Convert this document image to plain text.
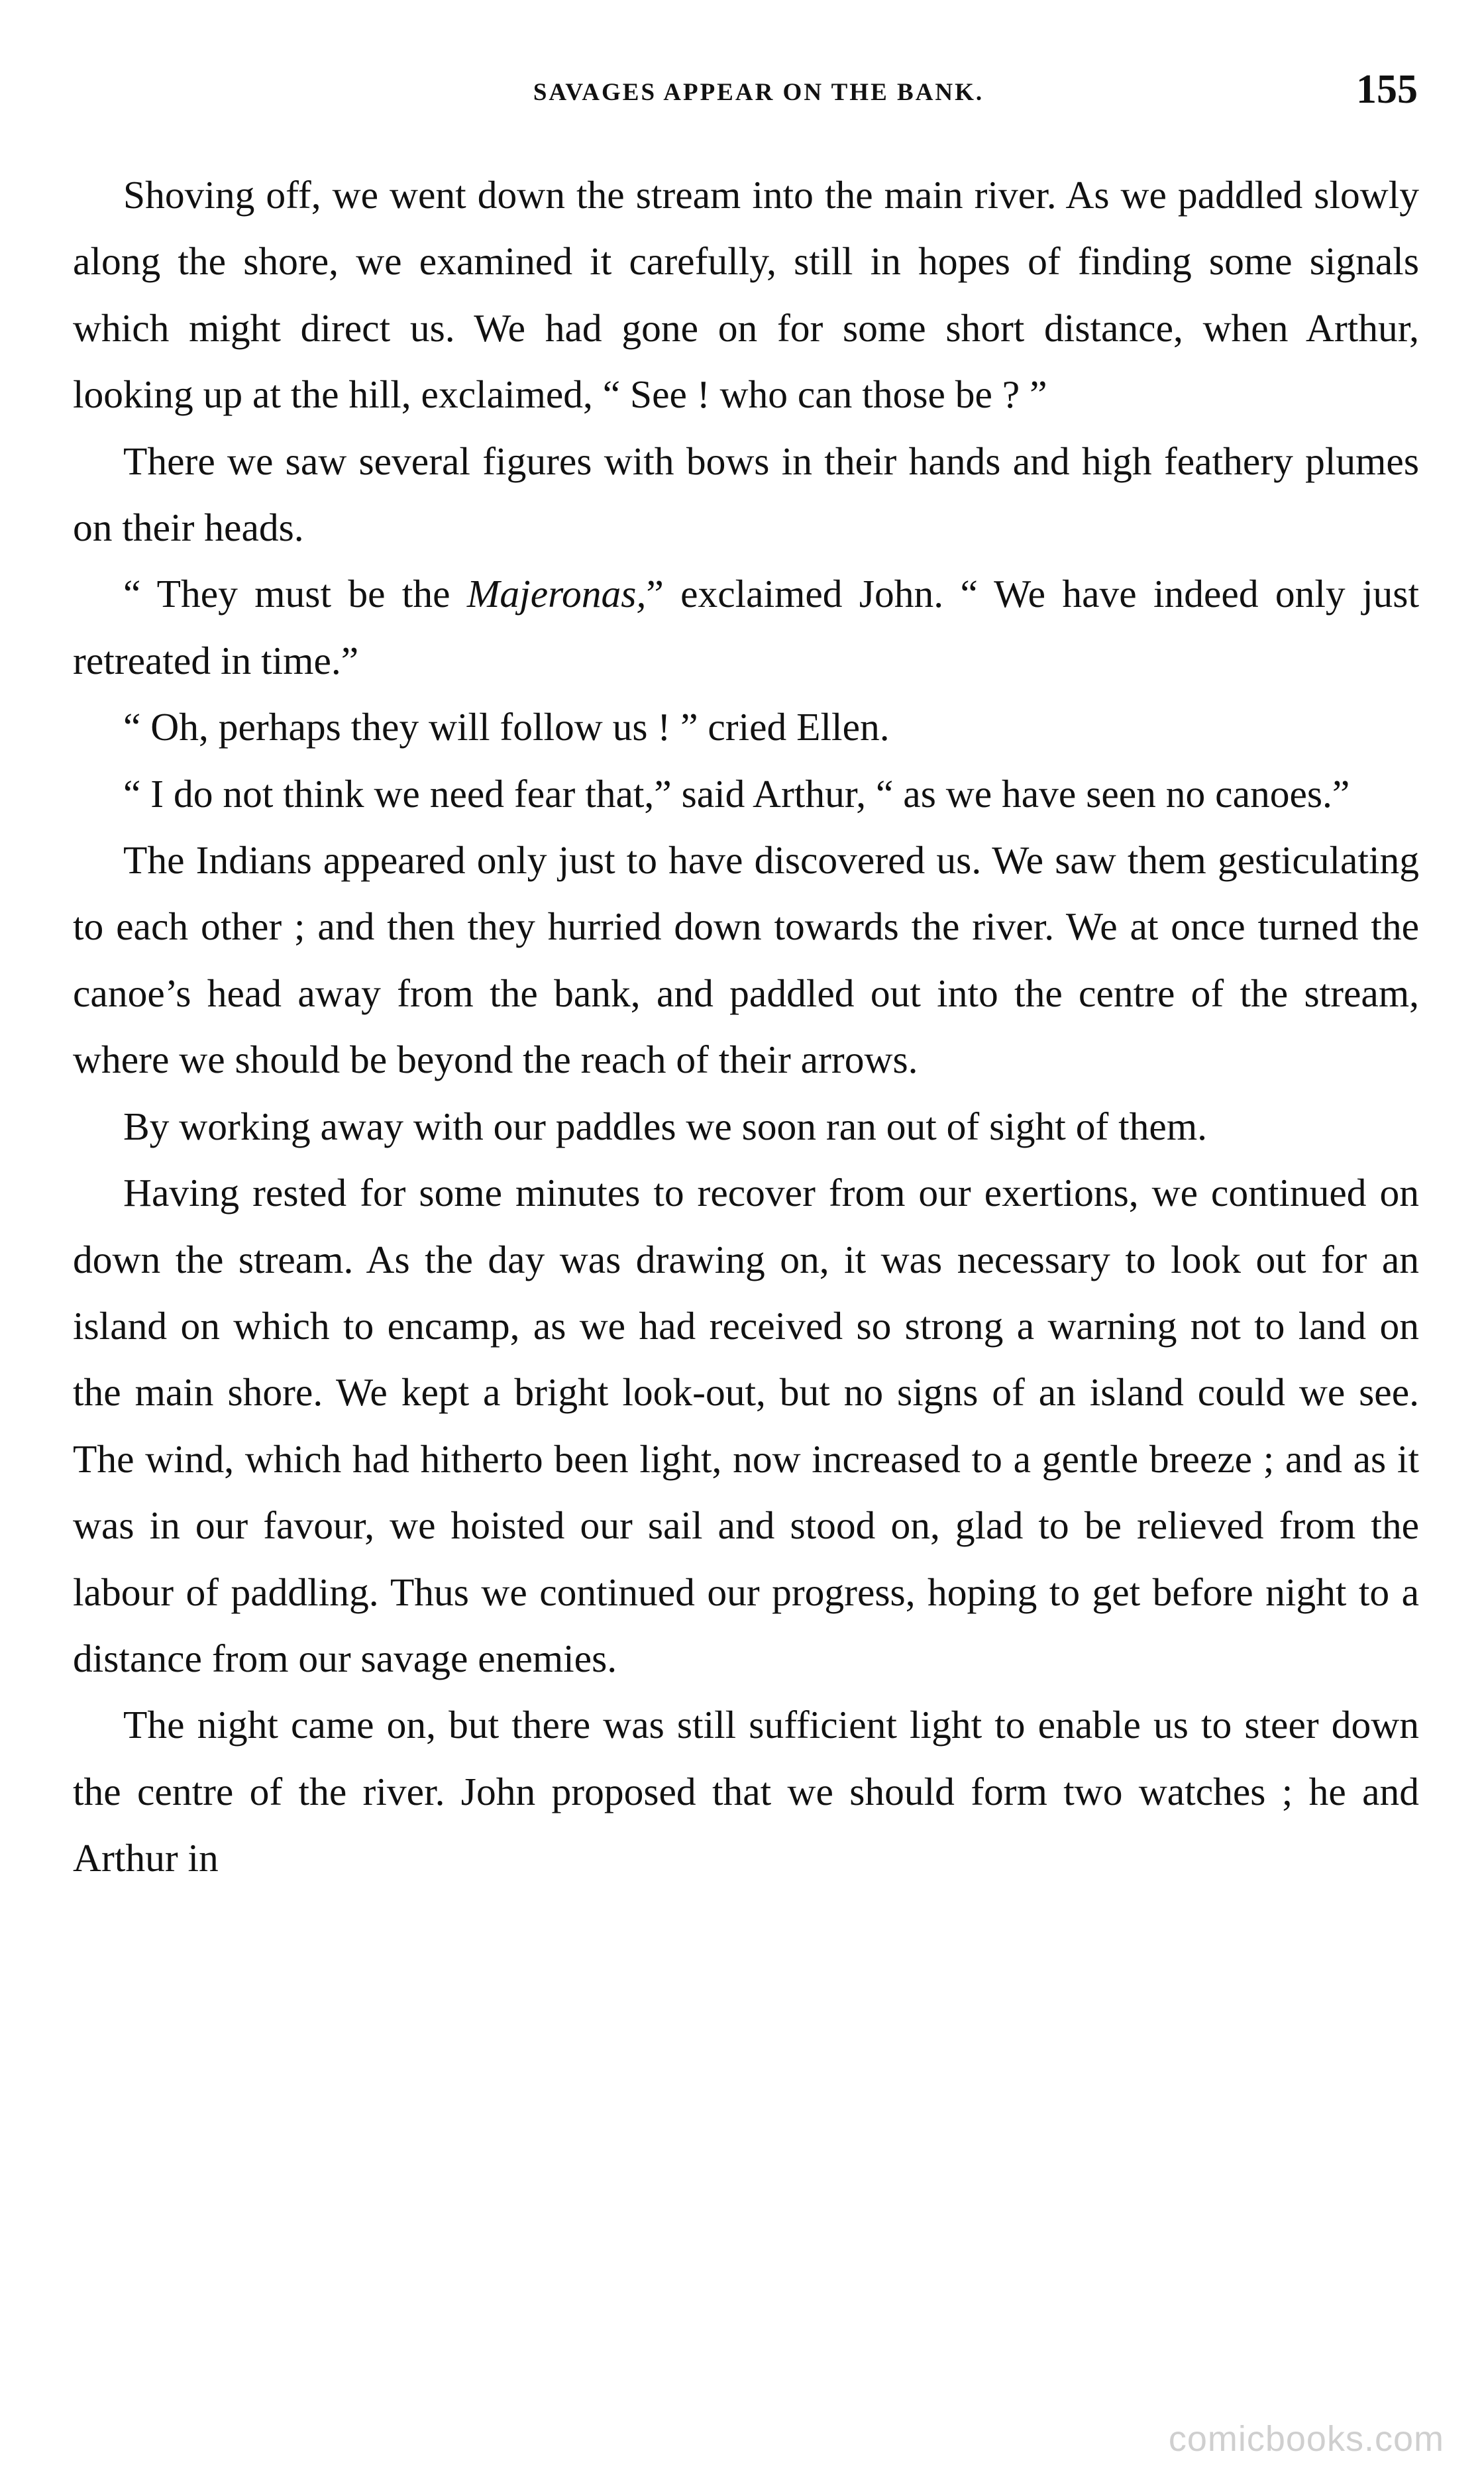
SAVAGES APPEAR ON THE BANK.	155

Shoving off, we went down the stream into the main river. As we paddled slowly along the shore, we examined it carefully, still in hopes of finding some signals which might direct us. We had gone on for some short distance, when Arthur, looking up at the hill, exclaimed, “ See ! who can those be ? ”

There we saw several figures with bows in their hands and high feathery plumes on their heads.

“ They must be the Majeronas,” exclaimed John. “ We have indeed only just retreated in time.”

“ Oh, perhaps they will follow us ! ” cried Ellen.

“ I do not think we need fear that,” said Arthur, “ as we have seen no canoes.”

The Indians appeared only just to have discovered us. We saw them gesticulating to each other ; and then they hurried down towards the river. We at once turned the canoe’s head away from the bank, and paddled out into the centre of the stream, where we should be beyond the reach of their arrows.

By working away with our paddles we soon ran out of sight of them.

Having rested for some minutes to recover from our exertions, we continued on down the stream. As the day was drawing on, it was necessary to look out for an island on which to encamp, as we had received so strong a warning not to land on the main shore. We kept a bright look-out, but no signs of an island could we see. The wind, which had hitherto been light, now increased to a gentle breeze ; and as it was in our favour, we hoisted our sail and stood on, glad to be relieved from the labour of paddling. Thus we continued our progress, hoping to get before night to a distance from our savage enemies.

The night came on, but there was still sufficient light to enable us to steer down the centre of the river. John proposed that we should form two watches ; he and Arthur in

comicbooks.com
